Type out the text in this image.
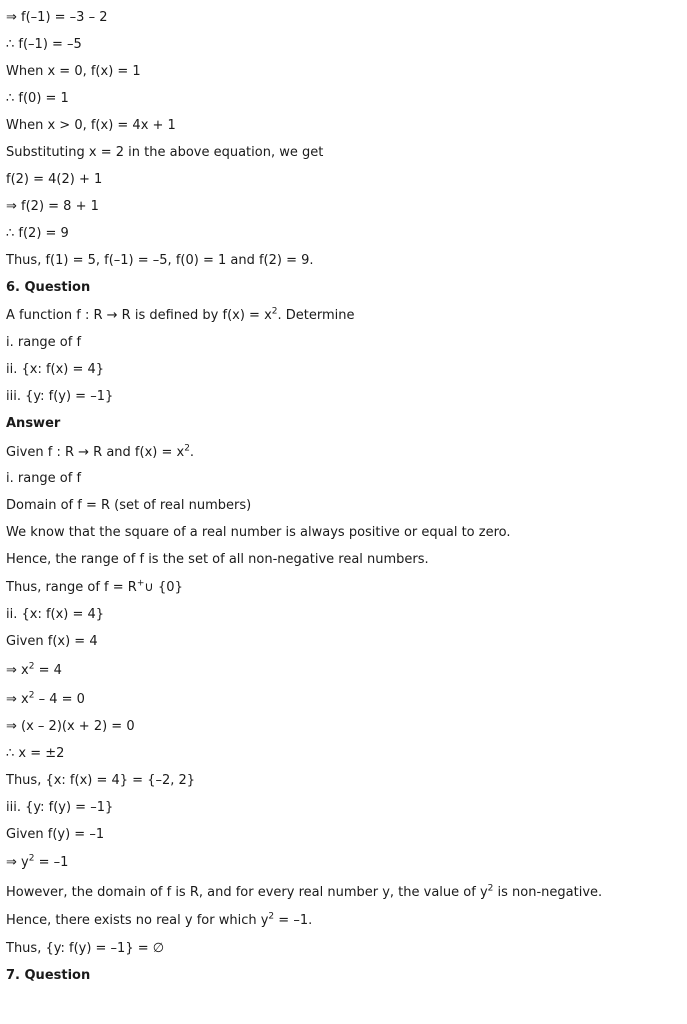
⇒ f(–1) = –3 – 2
∴ f(–1) = –5
When x = 0, f(x) = 1
∴ f(0) = 1
When x > 0, f(x) = 4x + 1
Substituting x = 2 in the above equation, we get
f(2) = 4(2) + 1
⇒ f(2) = 8 + 1
∴ f(2) = 9
Thus, f(1) = 5, f(–1) = –5, f(0) = 1 and f(2) = 9.
6. Question
A function f : R → R is defined by $f(x) = x^2$. Determine
i. range of f
ii. {x: f(x) = 4}
iii. {y: f(y) = –1}
Answer
Given f : R → R and $f(x) = x^2$.
i. range of f
Domain of f = R (set of real numbers)
We know that the square of a real number is always positive or equal to zero.
Hence, the range of f is the set of all non-negative real numbers.
Thus, range of f = R+∪ {0}
ii. {x: f(x) = 4}
Given f(x) = 4
⇒ $x^2 = 4$
⇒ $x^2 - 4 = 0$
⇒ (x – 2)(x + 2) = 0
∴ x = ±2
Thus, {x: f(x) = 4} = {–2, 2}
iii. {y: f(y) = –1}
Given f(y) = –1
⇒ $y^2 = -1$
However, the domain of f is R, and for every real number y, the value of $y^2$ is non-negative.
Hence, there exists no real y for which $y^2 = -1$.
Thus, {y: f(y) = –1} = ∅
7. Question
